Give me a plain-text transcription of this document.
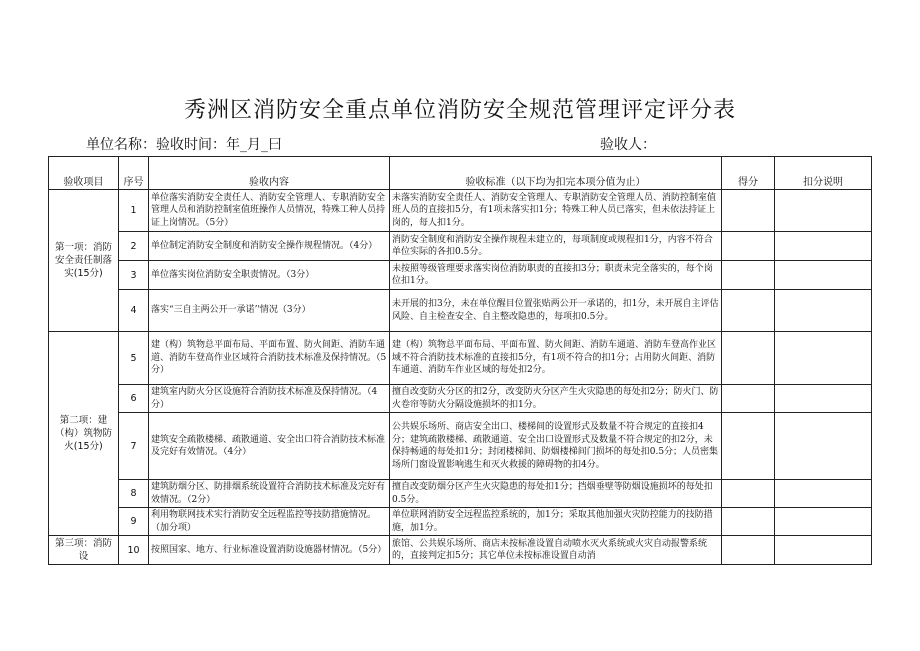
秀洲区消防安全重点单位消防安全规范管理评定评分表
单位名称：验收时间：年_月_曰	验收人：
验收项目	序号	验收内容	验收标准（以下均为扣完本项分值为止）	得分	扣分说明
第一项：消防安全责任制落实(15分)	1	单位落实消防安全责任人、消防安全管理人、专职消防安全管理人员和消防控制室值班操作人员情况，特殊工种人员持证上岗情况。（5分）	未落实消防安全责任人、消防安全管理人、专职消防安全管理人员、消防控制室值班人员的直接扣5分，有1项未落实扣1分；特殊工种人员已落实，但未依法持证上岗的，每人扣1分。		
	2	单位制定消防安全制度和消防安全操作规程情况。（4分）	消防安全制度和消防安全操作规程未建立的，每项制度或规程扣1分，内容不符合单位实际的各扣0.5分。		
	3	单位落实岗位消防安全职责情况。（3分）	未按照等级管理要求落实岗位消防职责的直接扣3分；职责未完全落实的，每个岗位扣1分。		
	4	落实“三自主两公开一承诺’'情况（3分）	未开展的扣3分，未在单位醒目位置张贴两公开一承诺的，扣1分，未开展自主评估风险、自主检查安全、自主整改隐患的，每项扣0.5分。		
第二项：建（构）筑物防火(15分)	5	建（构）筑物总平面布局、平面布置、防火间距、消防车通道、消防车登高作业区域符合消防技术标准及保持情况。（5分）	建（构）筑物总平面布局、平面布置、防火间距、消防车通道、消防车登高作业区域不符合消防技术标准的直接扣5分，有1项不符合的扣1分；占用防火间距、消防车通道、消防车作业区域的每处扣2分。		
	6	建筑室内防火分区设施符合消防技术标准及保持情况。（4分）	擅自改变防火分区的扣2分，改变防火分区产生火灾隐患的每处扣2分；防火门、防火卷帘等防火分隔设施损坏的扣1分。		
	7	建筑安全疏散楼梯、疏散通道、安全出口符合消防技术标准及完好有效情况。（4分）	公共娱乐场所、商店安全出口、楼梯间的设置形式及数量不符合规定的直接扣4分；建筑疏散楼梯、疏散通道、安全出口设置形式及数量不符合规定的扣2分，未保持畅通的每处扣1分；封闭楼梯间、防烟楼梯间门损坏的每处扣0.5分；人员密集场所门窗设置影响逃生和灭火救援的障碍物的扣4分。		
	8	建筑防烟分区、防排烟系统设置符合消防技术标准及完好有效情况。（2分）	擅自改变防烟分区产生火灾隐患的每处扣1分；挡烟垂壁等防烟设施损坏的每处扣0.5分。		
	9	利用物联网技术实行消防安全远程监控等技防措施情况。（加分项）	单位联网消防安全远程监控系统的，加1分；采取其他加强火灾防控能力的技防措施，加1分。		
第三项：消防设	10	按照国家、地方、行业标准设置消防设施器材情况。（5分）	旅馆、公共娱乐场所、商店未按标准设置自动喷水灭火系统或火灾自动报警系统的，直接判定扣5分；其它单位未按标准设置自动消		
